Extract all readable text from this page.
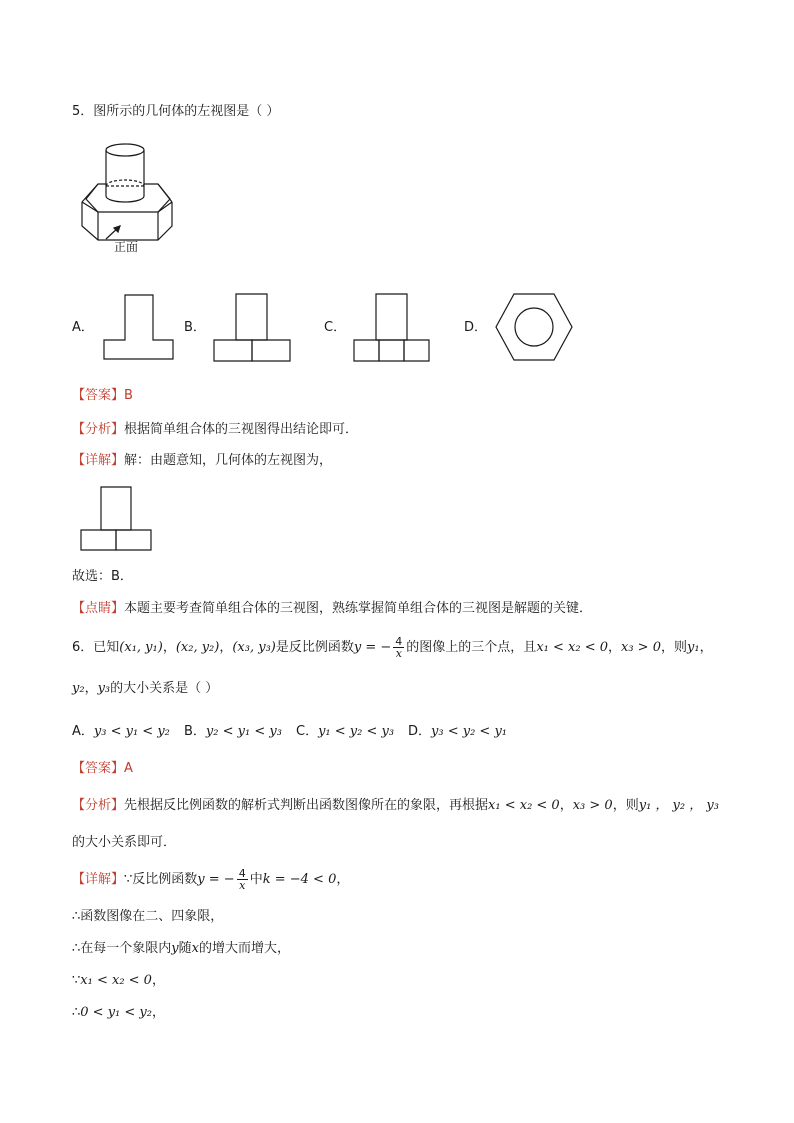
5．图所示的几何体的左视图是（ ）
正面
A．	B．	C．	D．
【答案】B
【分析】根据简单组合体的三视图得出结论即可．
【详解】解：由题意知，几何体的左视图为，
故选：B．
【点睛】本题主要考查简单组合体的三视图，熟练掌握简单组合体的三视图是解题的关键．
6．已知(x₁, y₁)，(x₂, y₂)，(x₃, y₃)是反比例函数y = − $\frac{4}{x}$ 的图像上的三个点，且x₁ < x₂ < 0，x₃ > 0，则y₁，
y₂，y₃的大小关系是（ ）
A．y₃ < y₁ < y₂ B．y₂ < y₁ < y₃ C．y₁ < y₂ < y₃ D．y₃ < y₂ < y₁
【答案】A
【分析】先根据反比例函数的解析式判断出函数图像所在的象限，再根据x₁ < x₂ < 0，x₃ > 0，则y₁ ， y₂ ， y₃
的大小关系即可．
【详解】∵反比例函数y = − $\frac{4}{x}$ 中k = −4 < 0，
∴函数图像在二、四象限，
∴在每一个象限内y随x的增大而增大，
∵x₁ < x₂ < 0，
∴0 < y₁ < y₂，
